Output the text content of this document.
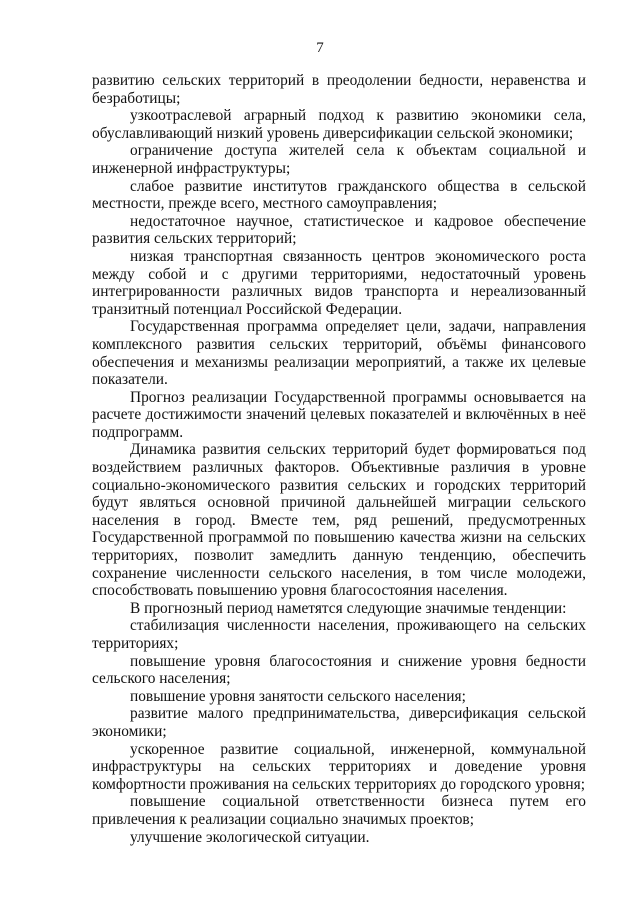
7

развитию сельских территорий в преодолении бедности, неравенства и безработицы;

узкоотраслевой аграрный подход к развитию экономики села, обуславливающий низкий уровень диверсификации сельской экономики;

ограничение доступа жителей села к объектам социальной и инженерной инфраструктуры;

слабое развитие институтов гражданского общества в сельской местности, прежде всего, местного самоуправления;

недостаточное научное, статистическое и кадровое обеспечение развития сельских территорий;

низкая транспортная связанность центров экономического роста между собой и с другими территориями, недостаточный уровень интегрированности различных видов транспорта и нереализованный транзитный потенциал Российской Федерации.

Государственная программа определяет цели, задачи, направления комплексного развития сельских территорий, объёмы финансового обеспечения и механизмы реализации мероприятий, а также их целевые показатели.

Прогноз реализации Государственной программы основывается на расчете достижимости значений целевых показателей и включённых в неё подпрограмм.

Динамика развития сельских территорий будет формироваться под воздействием различных факторов. Объективные различия в уровне социально-экономического развития сельских и городских территорий будут являться основной причиной дальнейшей миграции сельского населения в город. Вместе тем, ряд решений, предусмотренных Государственной программой по повышению качества жизни на сельских территориях, позволит замедлить данную тенденцию, обеспечить сохранение численности сельского населения, в том числе молодежи, способствовать повышению уровня благосостояния населения.

В прогнозный период наметятся следующие значимые тенденции:

стабилизация численности населения, проживающего на сельских территориях;

повышение уровня благосостояния и снижение уровня бедности сельского населения;

повышение уровня занятости сельского населения;

развитие малого предпринимательства, диверсификация сельской экономики;

ускоренное развитие социальной, инженерной, коммунальной инфраструктуры на сельских территориях и доведение уровня комфортности проживания на сельских территориях до городского уровня;

повышение социальной ответственности бизнеса путем его привлечения к реализации социально значимых проектов;

улучшение экологической ситуации.
